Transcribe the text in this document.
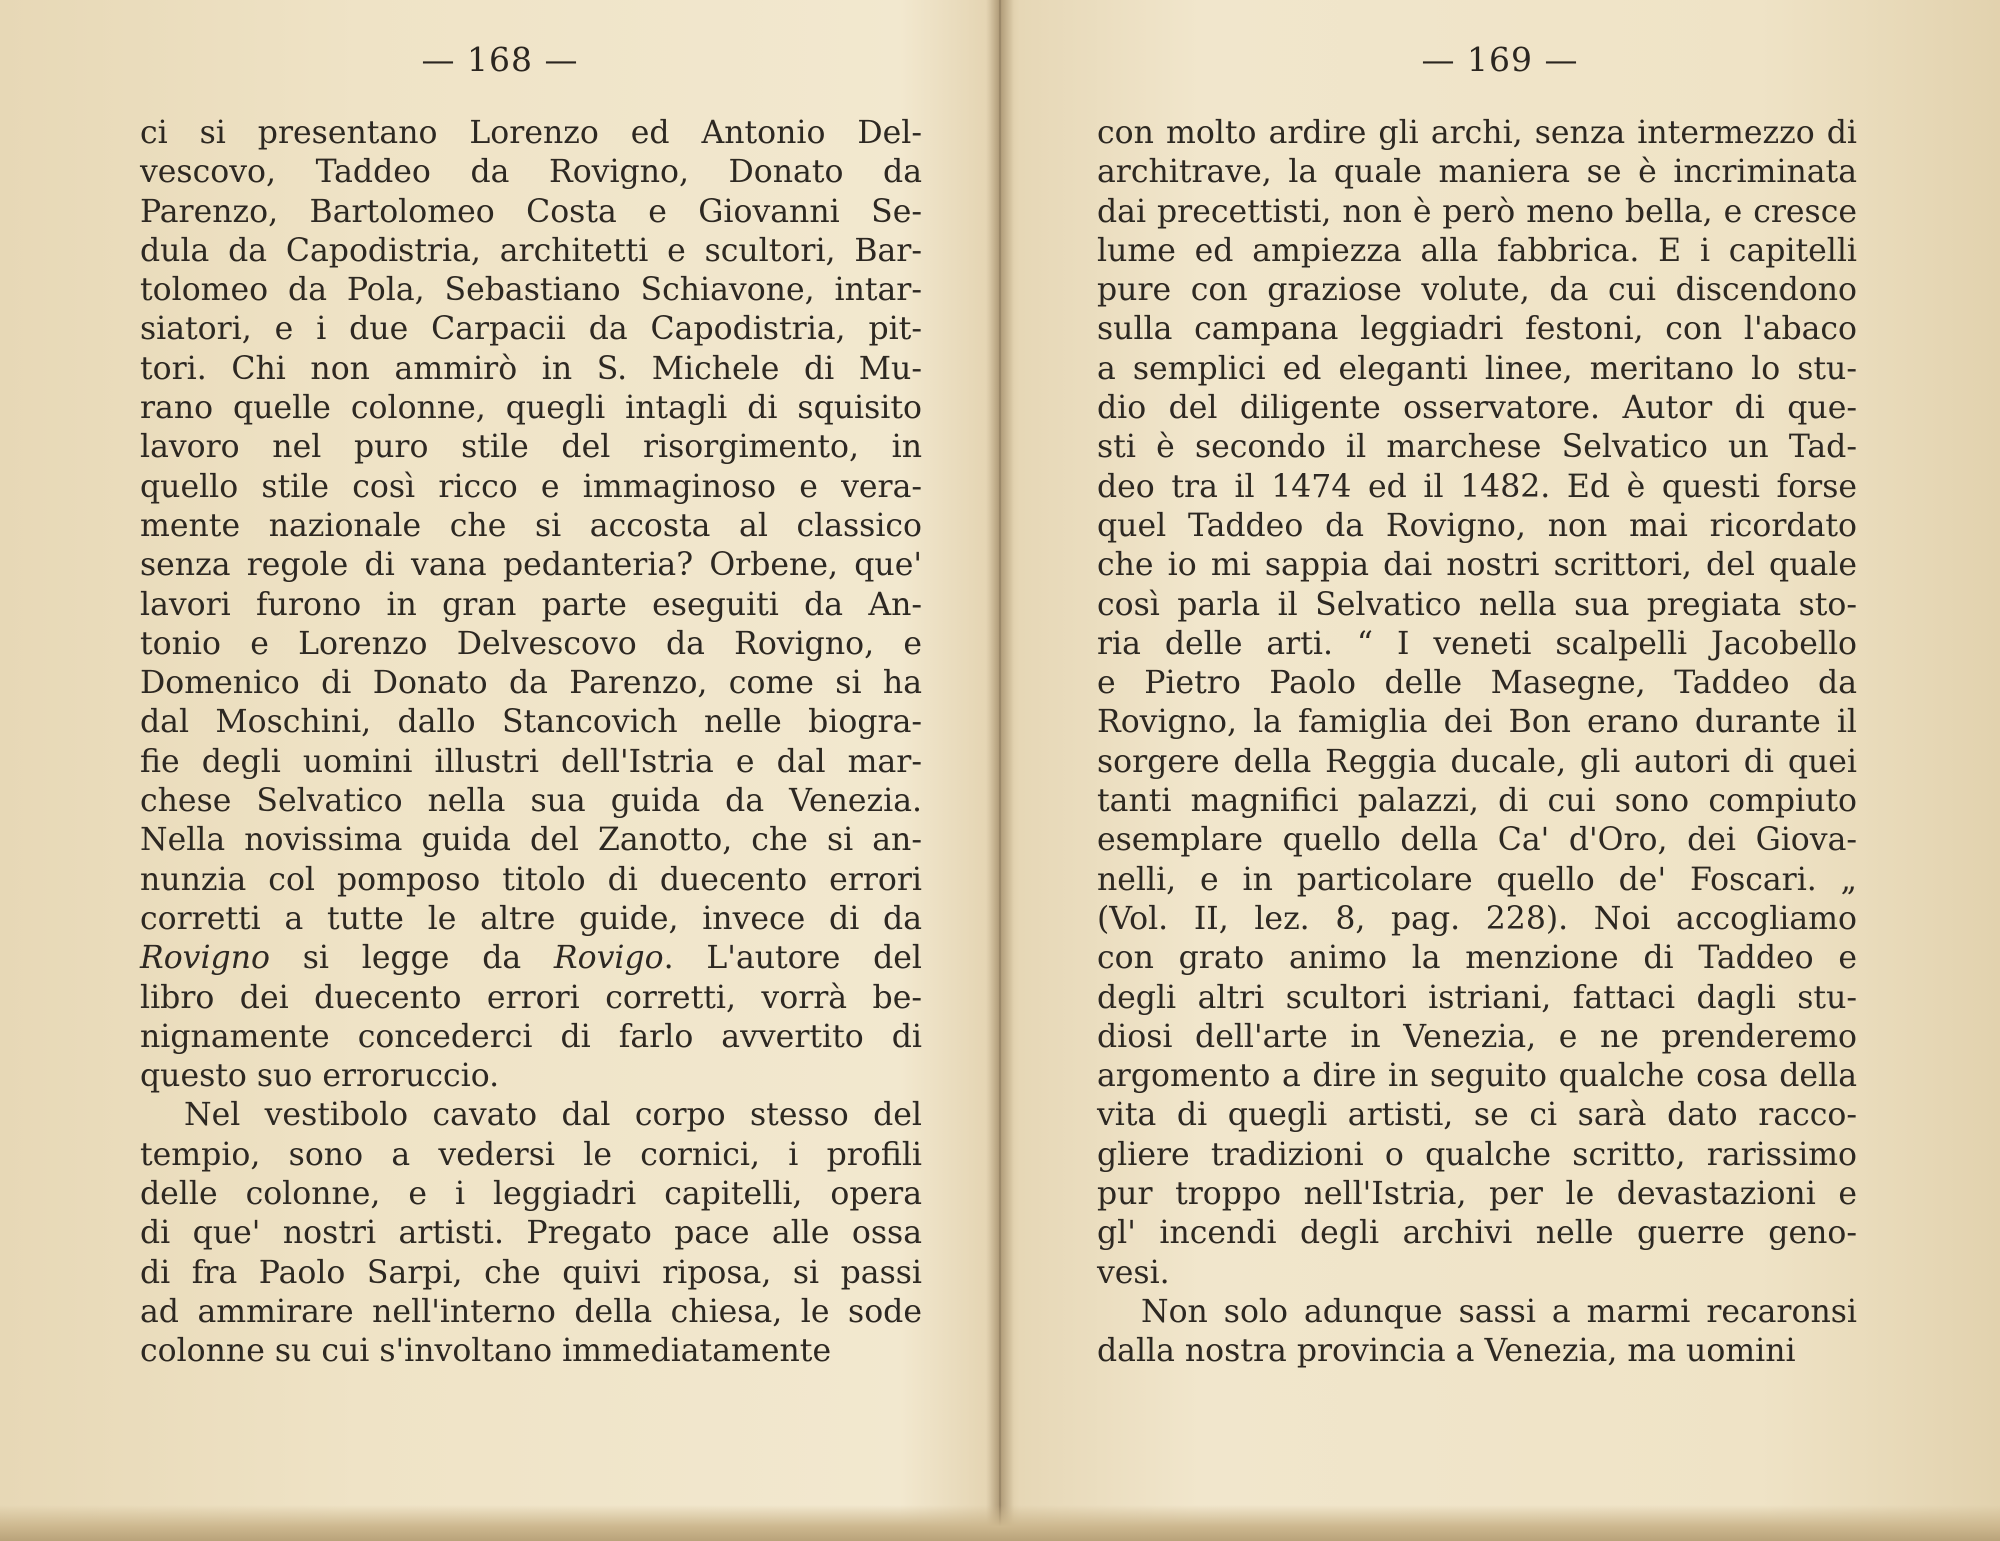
— 168 —
ci si presentano Lorenzo ed Antonio Del-
vescovo, Taddeo da Rovigno, Donato da
Parenzo, Bartolomeo Costa e Giovanni Se-
dula da Capodistria, architetti e scultori, Bar-
tolomeo da Pola, Sebastiano Schiavone, intar-
siatori, e i due Carpacii da Capodistria, pit-
tori. Chi non ammirò in S. Michele di Mu-
rano quelle colonne, quegli intagli di squisito
lavoro nel puro stile del risorgimento, in
quello stile così ricco e immaginoso e vera-
mente nazionale che si accosta al classico
senza regole di vana pedanteria? Orbene, que'
lavori furono in gran parte eseguiti da An-
tonio e Lorenzo Delvescovo da Rovigno, e
Domenico di Donato da Parenzo, come si ha
dal Moschini, dallo Stancovich nelle biogra-
fie degli uomini illustri dell'Istria e dal mar-
chese Selvatico nella sua guida da Venezia.
Nella novissima guida del Zanotto, che si an-
nunzia col pomposo titolo di duecento errori
corretti a tutte le altre guide, invece di da
Rovigno si legge da Rovigo. L'autore del
libro dei duecento errori corretti, vorrà be-
nignamente concederci di farlo avvertito di
questo suo erroruccio.
Nel vestibolo cavato dal corpo stesso del
tempio, sono a vedersi le cornici, i profili
delle colonne, e i leggiadri capitelli, opera
di que' nostri artisti. Pregato pace alle ossa
di fra Paolo Sarpi, che quivi riposa, si passi
ad ammirare nell'interno della chiesa, le sode
colonne su cui s'involtano immediatamente
— 169 —
con molto ardire gli archi, senza intermezzo di
architrave, la quale maniera se è incriminata
dai precettisti, non è però meno bella, e cresce
lume ed ampiezza alla fabbrica. E i capitelli
pure con graziose volute, da cui discendono
sulla campana leggiadri festoni, con l'abaco
a semplici ed eleganti linee, meritano lo stu-
dio del diligente osservatore. Autor di que-
sti è secondo il marchese Selvatico un Tad-
deo tra il 1474 ed il 1482. Ed è questi forse
quel Taddeo da Rovigno, non mai ricordato
che io mi sappia dai nostri scrittori, del quale
così parla il Selvatico nella sua pregiata sto-
ria delle arti. “ I veneti scalpelli Jacobello
e Pietro Paolo delle Masegne, Taddeo da
Rovigno, la famiglia dei Bon erano durante il
sorgere della Reggia ducale, gli autori di quei
tanti magnifici palazzi, di cui sono compiuto
esemplare quello della Ca' d'Oro, dei Giova-
nelli, e in particolare quello de' Foscari. „
(Vol. II, lez. 8, pag. 228). Noi accogliamo
con grato animo la menzione di Taddeo e
degli altri scultori istriani, fattaci dagli stu-
diosi dell'arte in Venezia, e ne prenderemo
argomento a dire in seguito qualche cosa della
vita di quegli artisti, se ci sarà dato racco-
gliere tradizioni o qualche scritto, rarissimo
pur troppo nell'Istria, per le devastazioni e
gl' incendi degli archivi nelle guerre geno-
vesi.
Non solo adunque sassi a marmi recaronsi
dalla nostra provincia a Venezia, ma uomini
